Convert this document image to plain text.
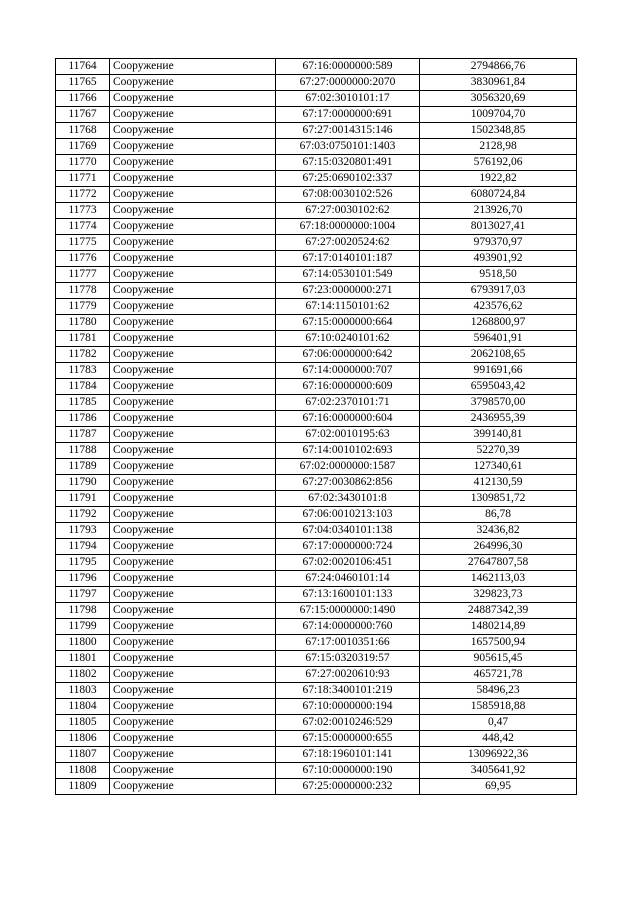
11764	Сооружение	67:16:0000000:589	2794866,76
11765	Сооружение	67:27:0000000:2070	3830961,84
11766	Сооружение	67:02:3010101:17	3056320,69
11767	Сооружение	67:17:0000000:691	1009704,70
11768	Сооружение	67:27:0014315:146	1502348,85
11769	Сооружение	67:03:0750101:1403	2128,98
11770	Сооружение	67:15:0320801:491	576192,06
11771	Сооружение	67:25:0690102:337	1922,82
11772	Сооружение	67:08:0030102:526	6080724,84
11773	Сооружение	67:27:0030102:62	213926,70
11774	Сооружение	67:18:0000000:1004	8013027,41
11775	Сооружение	67:27:0020524:62	979370,97
11776	Сооружение	67:17:0140101:187	493901,92
11777	Сооружение	67:14:0530101:549	9518,50
11778	Сооружение	67:23:0000000:271	6793917,03
11779	Сооружение	67:14:1150101:62	423576,62
11780	Сооружение	67:15:0000000:664	1268800,97
11781	Сооружение	67:10:0240101:62	596401,91
11782	Сооружение	67:06:0000000:642	2062108,65
11783	Сооружение	67:14:0000000:707	991691,66
11784	Сооружение	67:16:0000000:609	6595043,42
11785	Сооружение	67:02:2370101:71	3798570,00
11786	Сооружение	67:16:0000000:604	2436955,39
11787	Сооружение	67:02:0010195:63	399140,81
11788	Сооружение	67:14:0010102:693	52270,39
11789	Сооружение	67:02:0000000:1587	127340,61
11790	Сооружение	67:27:0030862:856	412130,59
11791	Сооружение	67:02:3430101:8	1309851,72
11792	Сооружение	67:06:0010213:103	86,78
11793	Сооружение	67:04:0340101:138	32436,82
11794	Сооружение	67:17:0000000:724	264996,30
11795	Сооружение	67:02:0020106:451	27647807,58
11796	Сооружение	67:24:0460101:14	1462113,03
11797	Сооружение	67:13:1600101:133	329823,73
11798	Сооружение	67:15:0000000:1490	24887342,39
11799	Сооружение	67:14:0000000:760	1480214,89
11800	Сооружение	67:17:0010351:66	1657500,94
11801	Сооружение	67:15:0320319:57	905615,45
11802	Сооружение	67:27:0020610:93	465721,78
11803	Сооружение	67:18:3400101:219	58496,23
11804	Сооружение	67:10:0000000:194	1585918,88
11805	Сооружение	67:02:0010246:529	0,47
11806	Сооружение	67:15:0000000:655	448,42
11807	Сооружение	67:18:1960101:141	13096922,36
11808	Сооружение	67:10:0000000:190	3405641,92
11809	Сооружение	67:25:0000000:232	69,95
